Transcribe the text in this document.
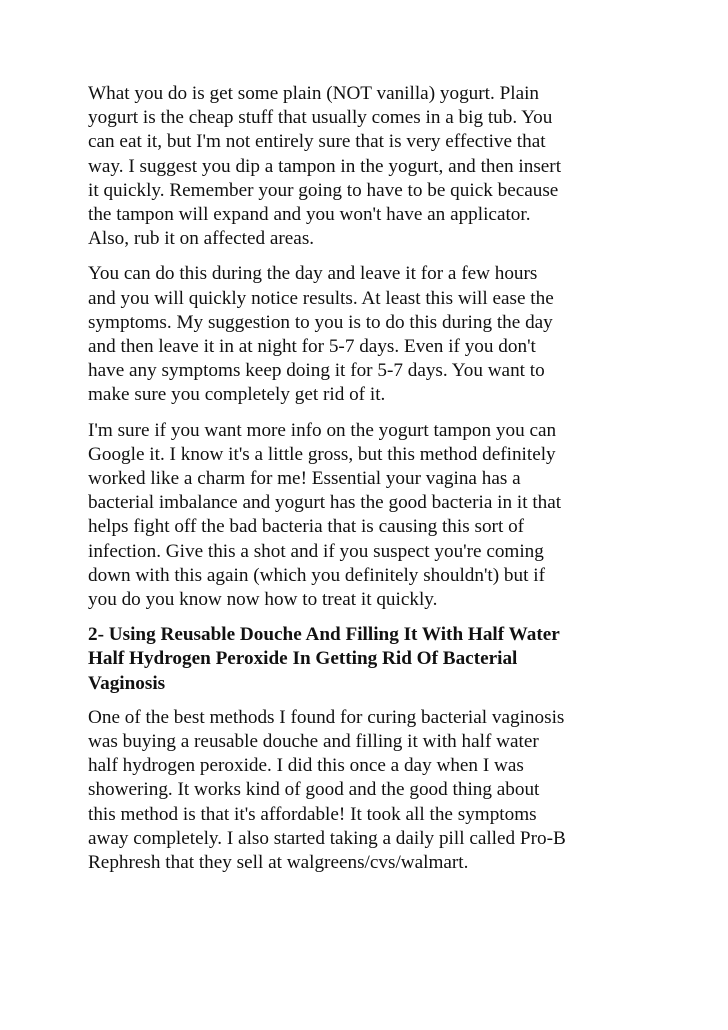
What you do is get some plain (NOT vanilla) yogurt. Plain
yogurt is the cheap stuff that usually comes in a big tub. You
can eat it, but I'm not entirely sure that is very effective that
way. I suggest you dip a tampon in the yogurt, and then insert
it quickly. Remember your going to have to be quick because
the tampon will expand and you won't have an applicator.
Also, rub it on affected areas.
You can do this during the day and leave it for a few hours
and you will quickly notice results. At least this will ease the
symptoms. My suggestion to you is to do this during the day
and then leave it in at night for 5-7 days. Even if you don't
have any symptoms keep doing it for 5-7 days. You want to
make sure you completely get rid of it.
I'm sure if you want more info on the yogurt tampon you can
Google it. I know it's a little gross, but this method definitely
worked like a charm for me! Essential your vagina has a
bacterial imbalance and yogurt has the good bacteria in it that
helps fight off the bad bacteria that is causing this sort of
infection. Give this a shot and if you suspect you're coming
down with this again (which you definitely shouldn't) but if
you do you know now how to treat it quickly.
2- Using Reusable Douche And Filling It With Half Water
Half Hydrogen Peroxide In Getting Rid Of Bacterial
Vaginosis
One of the best methods I found for curing bacterial vaginosis
was buying a reusable douche and filling it with half water
half hydrogen peroxide. I did this once a day when I was
showering. It works kind of good and the good thing about
this method is that it's affordable! It took all the symptoms
away completely. I also started taking a daily pill called Pro-B
Rephresh that they sell at walgreens/cvs/walmart.
